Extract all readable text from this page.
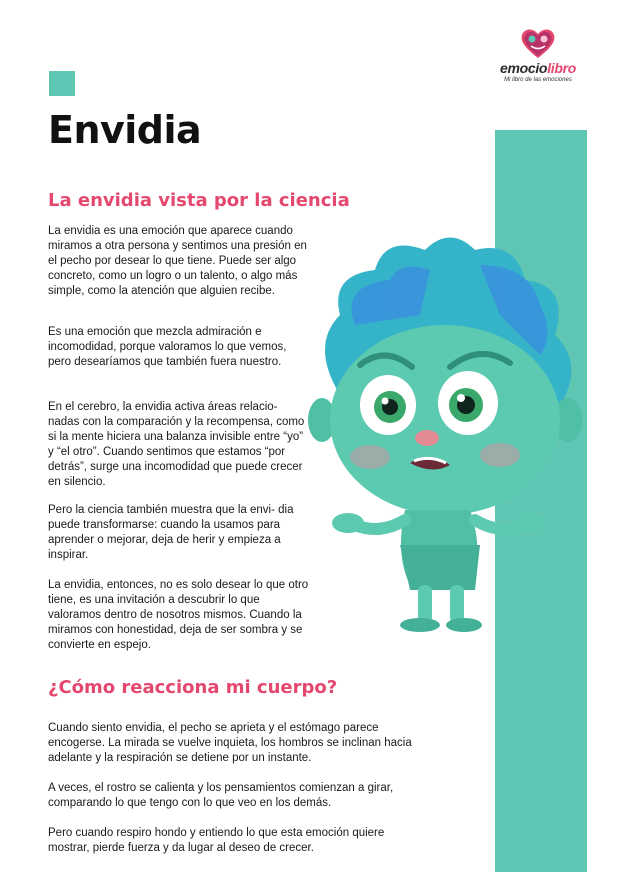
emociolibro
Mi libro de las emociones
Envidia
La envidia vista por la ciencia

La envidia es una emoción que aparece cuando miramos a otra persona y sentimos una presión en el pecho por desear lo que tiene. Puede ser algo concreto, como un logro o un talento, o algo más simple, como la atención que alguien recibe.

Es una emoción que mezcla admiración e incomodidad, porque valoramos lo que vemos, pero desearíamos que también fuera nuestro.

En el cerebro, la envidia activa áreas relacio- nadas con la comparación y la recompensa, como si la mente hiciera una balanza invisible entre “yo” y “el otro”. Cuando sentimos que estamos “por detrás”, surge una incomodidad que puede crecer en silencio.

Pero la ciencia también muestra que la envi- dia puede transformarse: cuando la usamos para aprender o mejorar, deja de herir y empieza a inspirar.

La envidia, entonces, no es solo desear lo que otro tiene, es una invitación a descubrir lo que valoramos dentro de nosotros mismos. Cuando la miramos con honestidad, deja de ser sombra y se convierte en espejo.

¿Cómo reacciona mi cuerpo?

Cuando siento envidia, el pecho se aprieta y el estómago parece encogerse. La mirada se vuelve inquieta, los hombros se inclinan hacia adelante y la respiración se detiene por un instante.

A veces, el rostro se calienta y los pensamientos comienzan a girar, comparando lo que tengo con lo que veo en los demás.

Pero cuando respiro hondo y entiendo lo que esta emoción quiere mostrar, pierde fuerza y da lugar al deseo de crecer.
